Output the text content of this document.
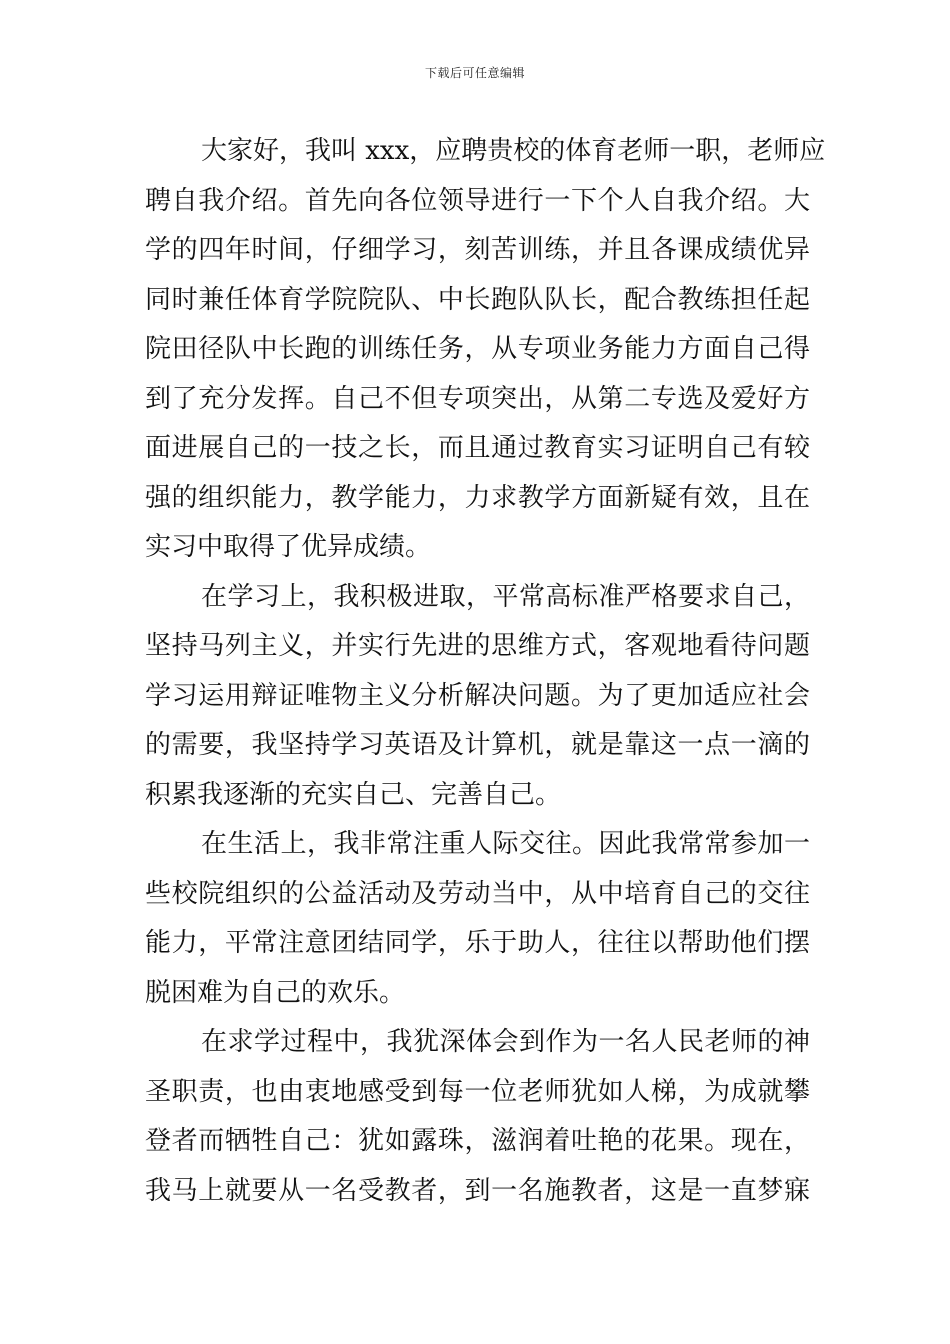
下载后可任意编辑
大家好，我叫 xxx，应聘贵校的体育老师一职，老师应
聘自我介绍。首先向各位领导进行一下个人自我介绍。大
学的四年时间，仔细学习，刻苦训练，并且各课成绩优异
同时兼任体育学院院队、中长跑队队长，配合教练担任起
院田径队中长跑的训练任务，从专项业务能力方面自己得
到了充分发挥。自己不但专项突出，从第二专选及爱好方
面进展自己的一技之长，而且通过教育实习证明自己有较
强的组织能力，教学能力，力求教学方面新疑有效，且在
实习中取得了优异成绩。
在学习上，我积极进取，平常高标准严格要求自己，
坚持马列主义，并实行先进的思维方式，客观地看待问题
学习运用辩证唯物主义分析解决问题。为了更加适应社会
的需要，我坚持学习英语及计算机，就是靠这一点一滴的
积累我逐渐的充实自己、完善自己。
在生活上，我非常注重人际交往。因此我常常参加一
些校院组织的公益活动及劳动当中，从中培育自己的交往
能力，平常注意团结同学，乐于助人，往往以帮助他们摆
脱困难为自己的欢乐。
在求学过程中，我犹深体会到作为一名人民老师的神
圣职责，也由衷地感受到每一位老师犹如人梯，为成就攀
登者而牺牲自己：犹如露珠，滋润着吐艳的花果。现在，
我马上就要从一名受教者，到一名施教者，这是一直梦寐
